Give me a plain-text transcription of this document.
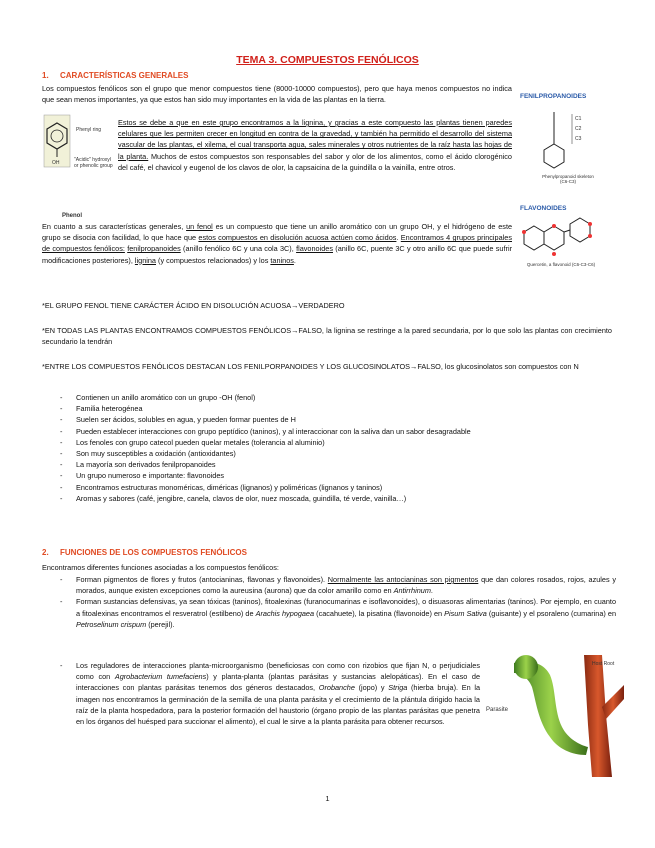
TEMA 3. COMPUESTOS FENÓLICOS
1. CARACTERÍSTICAS GENERALES
OH
Phenyl ring
"Acidic" hydroxyl or phenolic group
Phenol
Los compuestos fenólicos son el grupo que menor compuestos tiene (8000-10000 compuestos), pero que haya menos compuestos no indica que sean menos importantes, ya que estos han sido muy importantes en la vida de las plantas en la tierra.
Estos se debe a que en este grupo encontramos a la lignina, y gracias a este compuesto las plantas tienen paredes celulares que les permiten crecer en longitud en contra de la gravedad, y también ha permitido el desarrollo del sistema vascular de las plantas, el xilema, el cual transporta agua, sales minerales y otros nutrientes de la raíz hasta las hojas de la planta. Muchos de estos compuestos son responsables del sabor y olor de los alimentos, como el ácido clorogénico del café, el chavicol y eugenol de los clavos de olor, la capsaicina de la guindilla o la vainilla, entre otros.
FENILPROPANOIDES
C1
C2
C3
Phenylpropanoid skeleton (C6-C3)
FLAVONOIDES
Quercetin, a flavonoid (C6-C3-C6)
En cuanto a sus características generales, un fenol es un compuesto que tiene un anillo aromático con un grupo OH, y el hidrógeno de este grupo se disocia con facilidad, lo que hace que estos compuestos en disolución acuosa actúen como ácidos. Encontramos 4 grupos principales de compuestos fenólicos: fenilpropanoides (anillo fenólico 6C y una cola 3C), flavonoides (anillo 6C, puente 3C y otro anillo 6C que puede sufrir modificaciones posteriores), lignina (y compuestos relacionados) y los taninos.
*EL GRUPO FENOL TIENE CARÁCTER ÁCIDO EN DISOLUCIÓN ACUOSA→VERDADERO
*EN TODAS LAS PLANTAS ENCONTRAMOS COMPUESTOS FENÓLICOS→FALSO, la lignina se restringe a la pared secundaria, por lo que solo las plantas con crecimiento secundario la tendrán
*ENTRE LOS COMPUESTOS FENÓLICOS DESTACAN LOS FENILPORPANOIDES Y LOS GLUCOSINOLATOS→FALSO, los glucosinolatos son compuestos con N
- Contienen un anillo aromático con un grupo -OH (fenol)
- Familia heterogénea
- Suelen ser ácidos, solubles en agua, y pueden formar puentes de H
- Pueden establecer interacciones con grupo peptídico (taninos), y al interaccionar con la saliva dan un sabor desagradable
- Los fenoles con grupo catecol pueden quelar metales (tolerancia al aluminio)
- Son muy susceptibles a oxidación (antioxidantes)
- La mayoría son derivados fenilpropanoides
- Un grupo numeroso e importante: flavonoides
- Encontramos estructuras monoméricas, diméricas (lignanos) y poliméricas (lignanos y taninos)
- Aromas y sabores (café, jengibre, canela, clavos de olor, nuez moscada, guindilla, té verde, vainilla…)
2. FUNCIONES DE LOS COMPUESTOS FENÓLICOS
Encontramos diferentes funciones asociadas a los compuestos fenólicos:
- Forman pigmentos de flores y frutos (antocianinas, flavonas y flavonoides). Normalmente las antocianinas son pigmentos que dan colores rosados, rojos, azules y morados, aunque existen excepciones como la aureusina (aurona) que da color amarillo como en Antirrhinum.
- Forman sustancias defensivas, ya sean tóxicas (taninos), fitoalexinas (furanocumarinas e isoflavonoides), o disuasoras alimentarias (taninos). Por ejemplo, en cuanto a fitoalexinas encontramos el resveratrol (estilbeno) de Arachis hypogaea (cacahuete), la pisatina (flavonoide) en Pisum Sativa (guisante) y el psoraleno (cumarina) en Petroselinum crispum (perejil).
- Los reguladores de interacciones planta-microorganismo (beneficiosas con como con rizobios que fijan N, o perjudiciales como con Agrobacterium tumefaciens) y planta-planta (plantas parásitas y sustancias alelopáticas). En el caso de interacciones con plantas parásitas tenemos dos géneros destacados, Orobanche (jopo) y Striga (hierba bruja). En la imagen nos encontramos la germinación de la semilla de una planta parásita y el crecimiento de la plántula dirigido hacia la raíz de la planta hospedadora, para la posterior formación del haustorio (órgano propio de las plantas parásitas que penetra en los órganos del huésped para succionar el alimento), el cual le sirve a la planta parásita para obtener recursos.
Parasite
Host Root
1
